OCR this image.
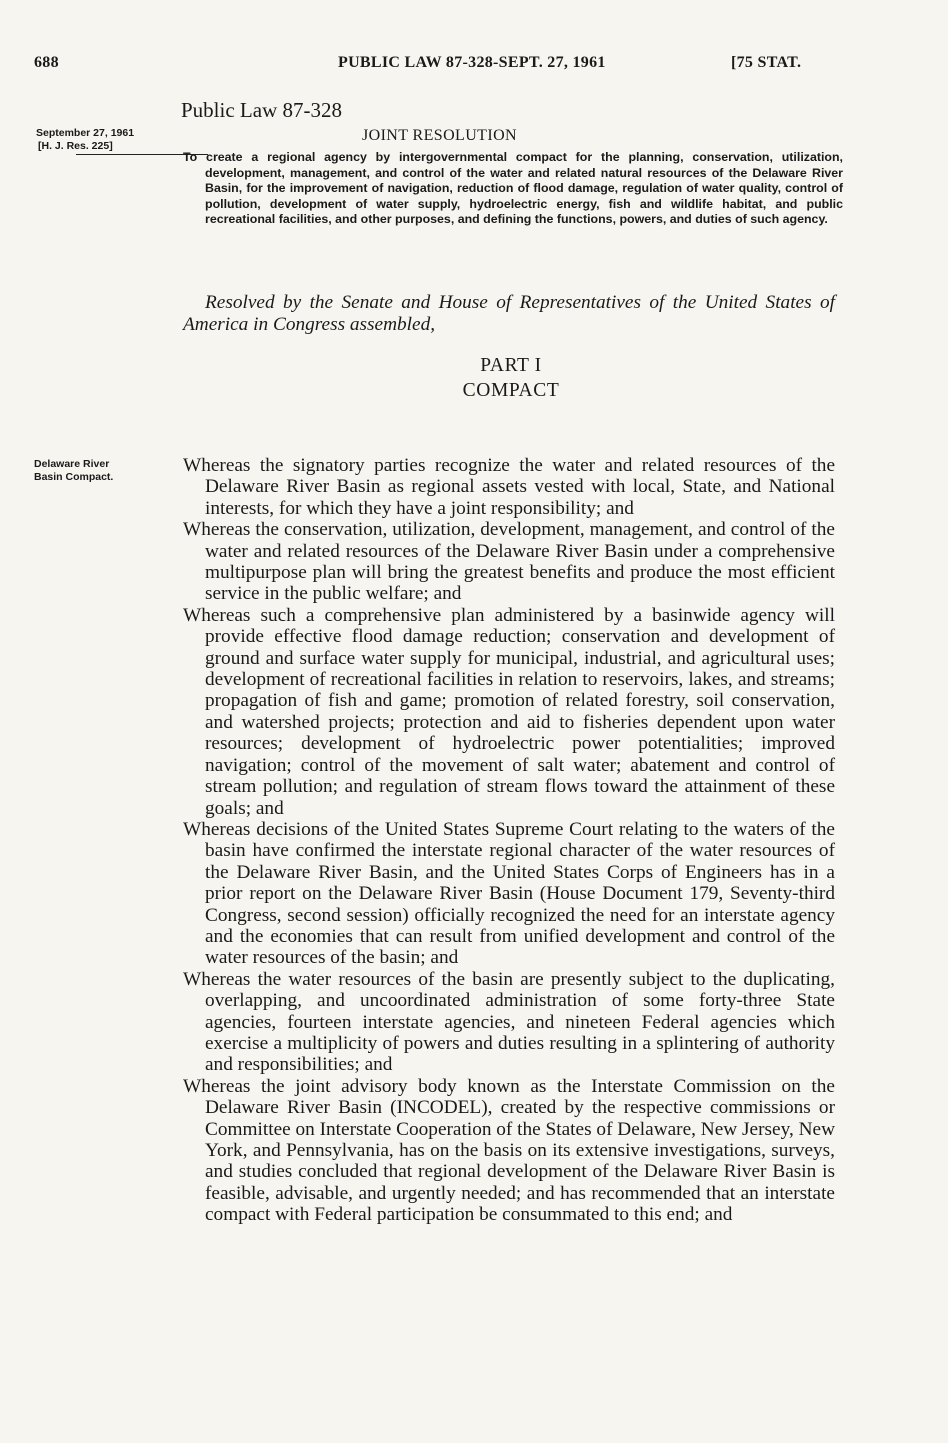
688	PUBLIC LAW 87-328-SEPT. 27, 1961	[75 STAT.
Public Law 87-328
September 27, 1961
[H. J. Res. 225]
JOINT RESOLUTION

To create a regional agency by intergovernmental compact for the planning, conservation, utilization, development, management, and control of the water and related natural resources of the Delaware River Basin, for the improvement of navigation, reduction of flood damage, regulation of water quality, control of pollution, development of water supply, hydroelectric energy, fish and wildlife habitat, and public recreational facilities, and other purposes, and defining the functions, powers, and duties of such agency.

Resolved by the Senate and House of Representatives of the United States of America in Congress assembled,

PART I
COMPACT
Delaware River
Basin Compact.

Whereas the signatory parties recognize the water and related resources of the Delaware River Basin as regional assets vested with local, State, and National interests, for which they have a joint responsibility; and

Whereas the conservation, utilization, development, management, and control of the water and related resources of the Delaware River Basin under a comprehensive multipurpose plan will bring the greatest benefits and produce the most efficient service in the public welfare; and

Whereas such a comprehensive plan administered by a basinwide agency will provide effective flood damage reduction; conservation and development of ground and surface water supply for municipal, industrial, and agricultural uses; development of recreational facilities in relation to reservoirs, lakes, and streams; propagation of fish and game; promotion of related forestry, soil conservation, and watershed projects; protection and aid to fisheries dependent upon water resources; development of hydroelectric power potentialities; improved navigation; control of the movement of salt water; abatement and control of stream pollution; and regulation of stream flows toward the attainment of these goals; and

Whereas decisions of the United States Supreme Court relating to the waters of the basin have confirmed the interstate regional character of the water resources of the Delaware River Basin, and the United States Corps of Engineers has in a prior report on the Delaware River Basin (House Document 179, Seventy-third Congress, second session) officially recognized the need for an interstate agency and the economies that can result from unified development and control of the water resources of the basin; and

Whereas the water resources of the basin are presently subject to the duplicating, overlapping, and uncoordinated administration of some forty-three State agencies, fourteen interstate agencies, and nineteen Federal agencies which exercise a multiplicity of powers and duties resulting in a splintering of authority and responsibilities; and

Whereas the joint advisory body known as the Interstate Commission on the Delaware River Basin (INCODEL), created by the respective commissions or Committee on Interstate Cooperation of the States of Delaware, New Jersey, New York, and Pennsylvania, has on the basis on its extensive investigations, surveys, and studies concluded that regional development of the Delaware River Basin is feasible, advisable, and urgently needed; and has recommended that an interstate compact with Federal participation be consummated to this end; and
